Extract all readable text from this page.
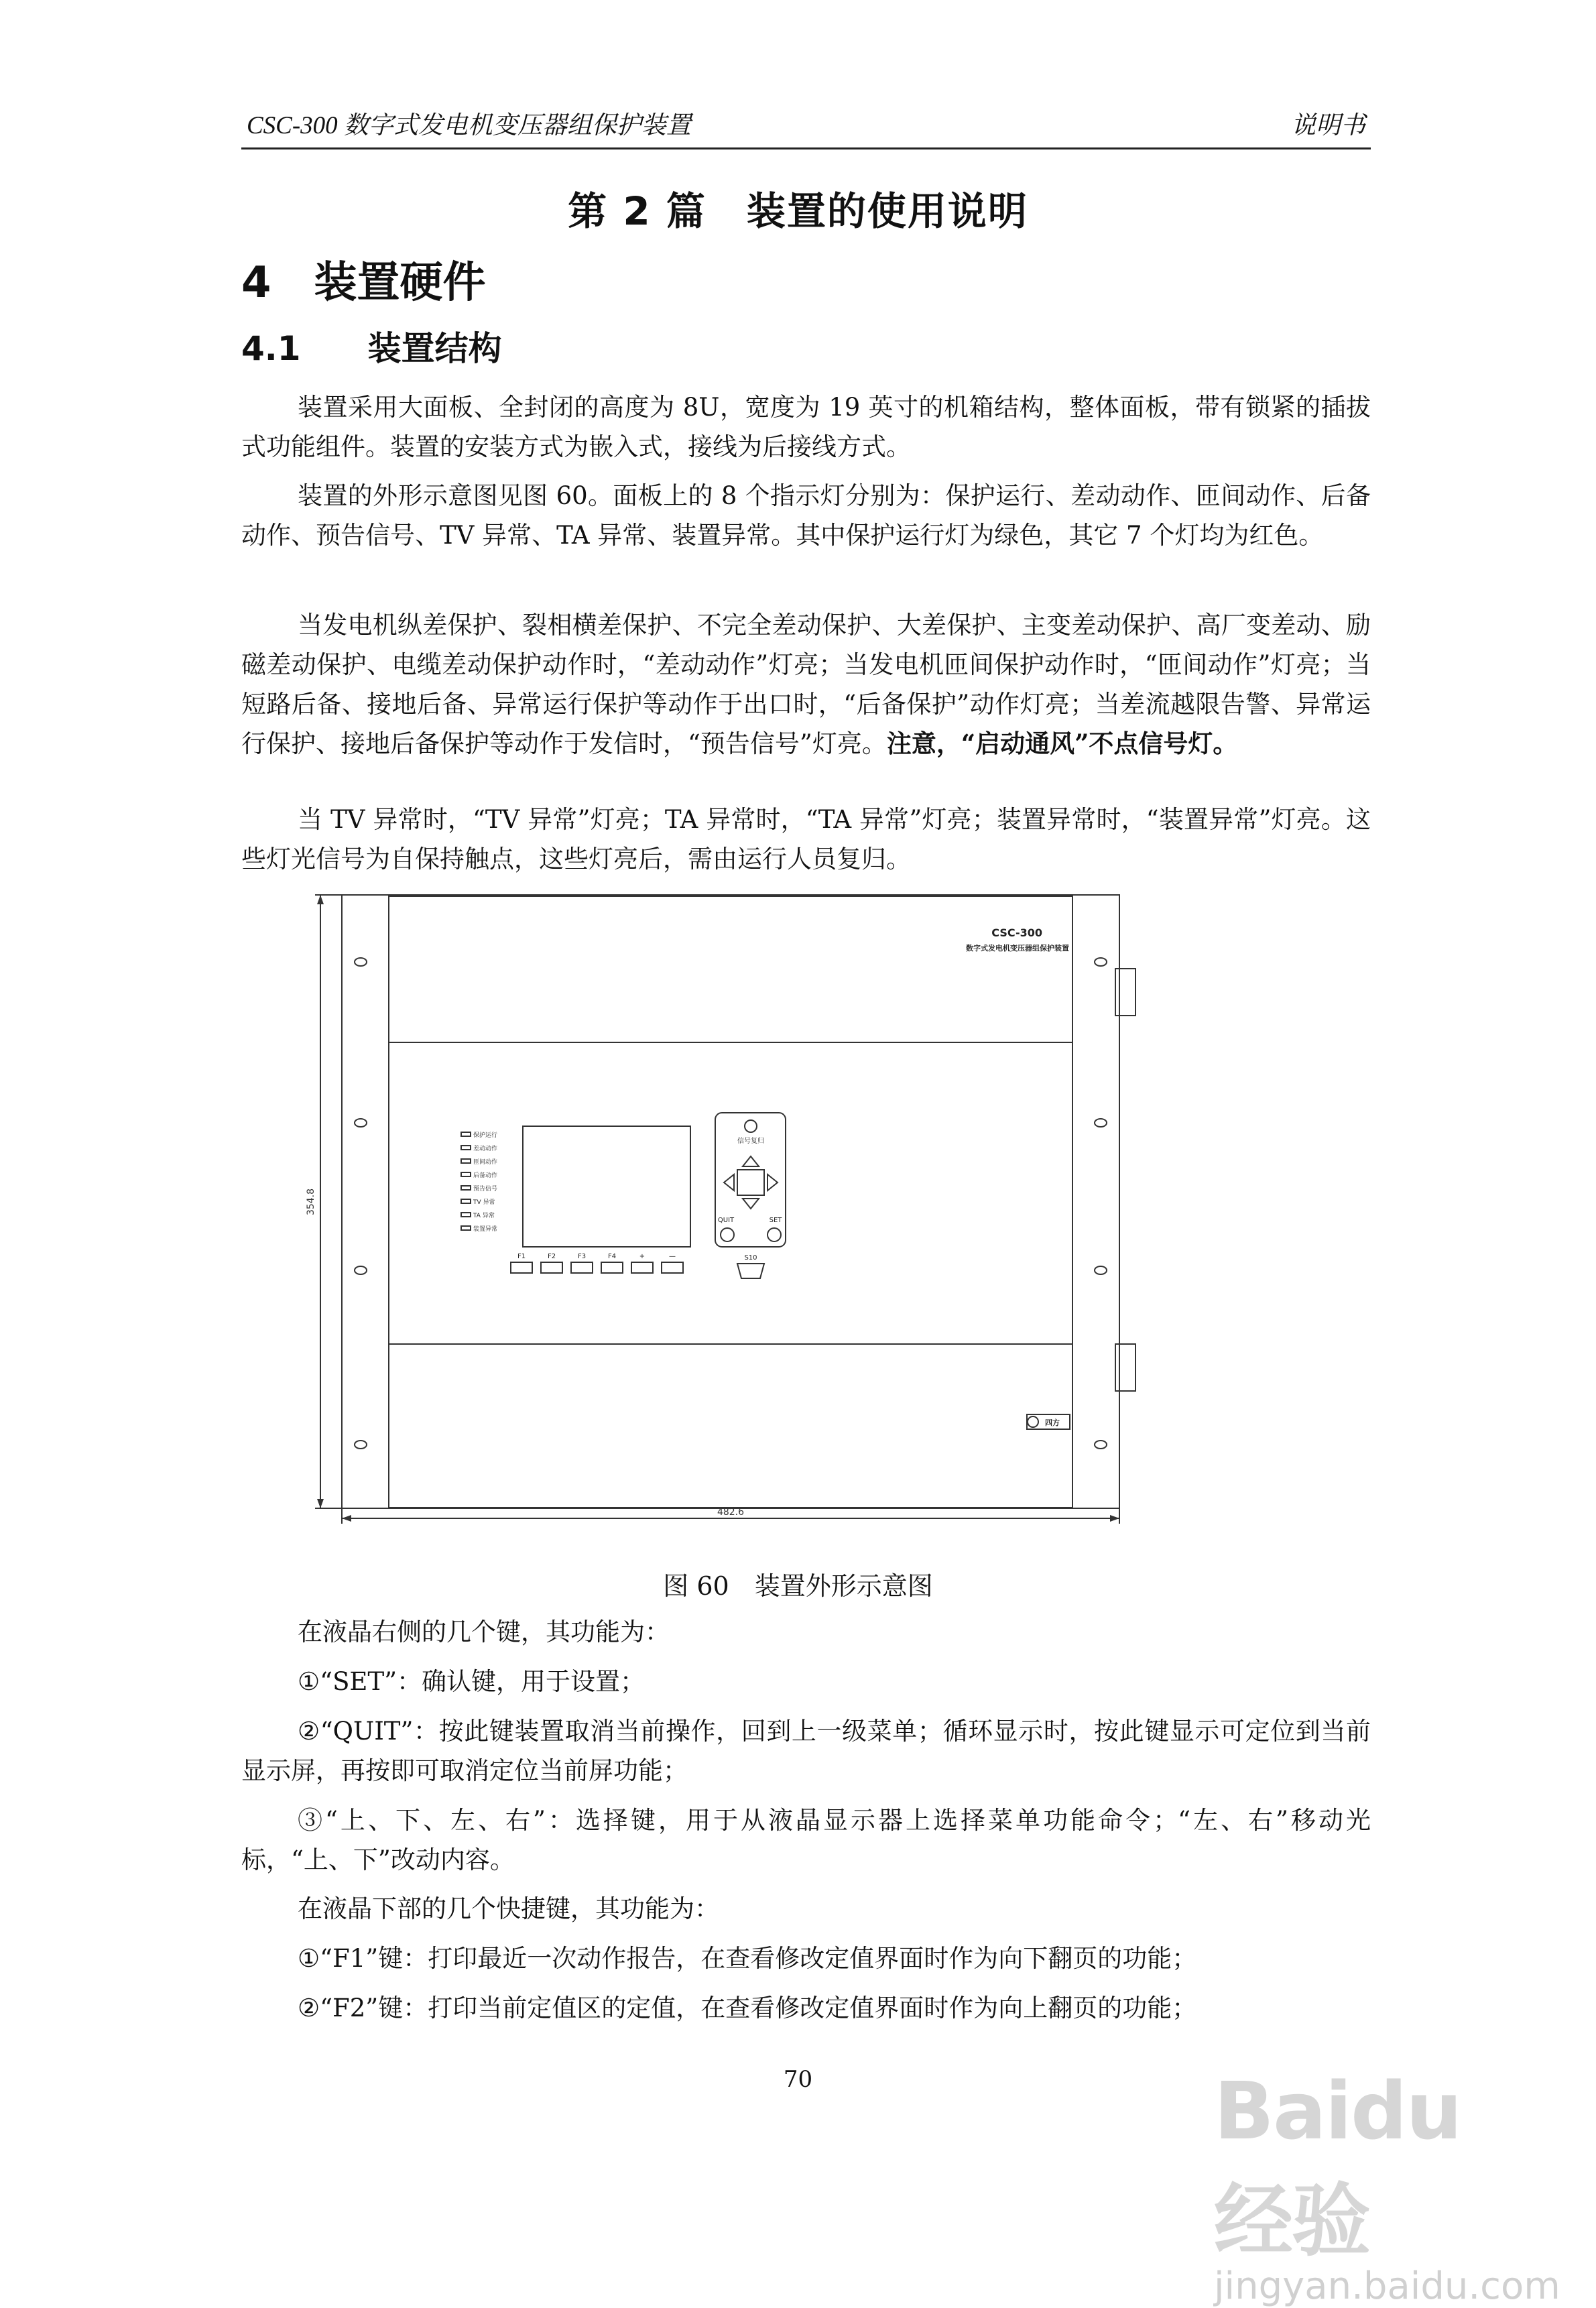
CSC-300 数字式发电机变压器组保护装置	说明书
第 2 篇　装置的使用说明
4　装置硬件
4.1　　装置结构

装置采用大面板、全封闭的高度为 8U，宽度为 19 英寸的机箱结构，整体面板，带有锁紧的插拔式功能组件。装置的安装方式为嵌入式，接线为后接线方式。

装置的外形示意图见图 60。面板上的 8 个指示灯分别为：保护运行、差动动作、匝间动作、后备动作、预告信号、TV 异常、TA 异常、装置异常。其中保护运行灯为绿色，其它 7 个灯均为红色。

当发电机纵差保护、裂相横差保护、不完全差动保护、大差保护、主变差动保护、高厂变差动、励磁差动保护、电缆差动保护动作时，“差动动作”灯亮；当发电机匝间保护动作时，“匝间动作”灯亮；当短路后备、接地后备、异常运行保护等动作于出口时，“后备保护”动作灯亮；当差流越限告警、异常运行保护、接地后备保护等动作于发信时，“预告信号”灯亮。注意，“启动通风”不点信号灯。

当 TV 异常时，“TV 异常”灯亮；TA 异常时，“TA 异常”灯亮；装置异常时，“装置异常”灯亮。这些灯光信号为自保持触点，这些灯亮后，需由运行人员复归。

CSC-300
数字式发电机变压器组保护装置
保护运行
差动动作
匝间动作
后备动作
预告信号
TV 异常
TA 异常
装置异常
信号复归
QUIT	SET
S10
F1	F2	F3	F4	+	—
四方
482.6
354.8
图 60　装置外形示意图

在液晶右侧的几个键，其功能为：

①“SET”：确认键，用于设置；

②“QUIT”：按此键装置取消当前操作，回到上一级菜单；循环显示时，按此键显示可定位到当前显示屏，再按即可取消定位当前屏功能；

③“上、下、左、右”：选择键，用于从液晶显示器上选择菜单功能命令；“左、右”移动光标，“上、下”改动内容。

在液晶下部的几个快捷键，其功能为：

①“F1”键：打印最近一次动作报告，在查看修改定值界面时作为向下翻页的功能；

②“F2”键：打印当前定值区的定值，在查看修改定值界面时作为向上翻页的功能；

70	Baidu经验
jingyan.baidu.com
